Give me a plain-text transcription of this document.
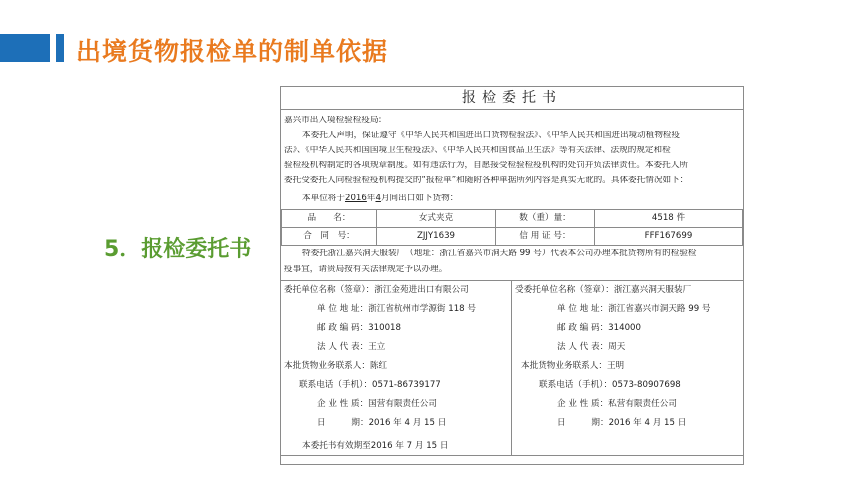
出境货物报检单的制单依据
5．报检委托书
报检委托书
嘉兴市出入境检验检疫局:
本委托人声明，保证遵守《中华人民共和国进出口货物检验法》、《中华人民共和国进出境动植物检疫
法》、《中华人民共和国国境卫生检疫法》、《中华人民共和国食品卫生法》等有关法律、法规的规定和检
验检疫机构制定的各项规章制度。如有违法行为，自愿接受检验检疫机构的处罚并负法律责任。本委托人所
委托受委托人向检验检疫机构提交的“报检单”和随附各种单据所列内容是真实无讹的。具体委托情况如下：
本单位将于2016年4月间出口如下货物：
品　　名：	女式夹克	数（重）量：	4518 件
合　同　号：	ZJJY1639	信 用 证 号：	FFF167699
特委托浙江嘉兴洞天服装厂（地址：浙江省嘉兴市洞天路 99 号）代表本公司办理本批货物所有的检验检
疫事宜，请贵局按有关法律规定予以办理。
委托单位名称（签章）：浙江金苑进出口有限公司
单 位 地 址：浙江省杭州市学源街 118 号
邮 政 编 码：310018
法 人 代 表：王立
本批货物业务联系人：陈红
联系电话（手机）：0571-86739177
企 业 性 质：国营有限责任公司
日　　　期：2016 年 4 月 15 日
受委托单位名称（签章）：浙江嘉兴洞天服装厂
单 位 地 址：浙江省嘉兴市洞天路 99 号
邮 政 编 码：314000
法 人 代 表：周天
本批货物业务联系人：王明
联系电话（手机）：0573-80907698
企 业 性 质：私营有限责任公司
日　　　期：2016 年 4 月 15 日
本委托书有效期至2016 年 7 月 15 日
